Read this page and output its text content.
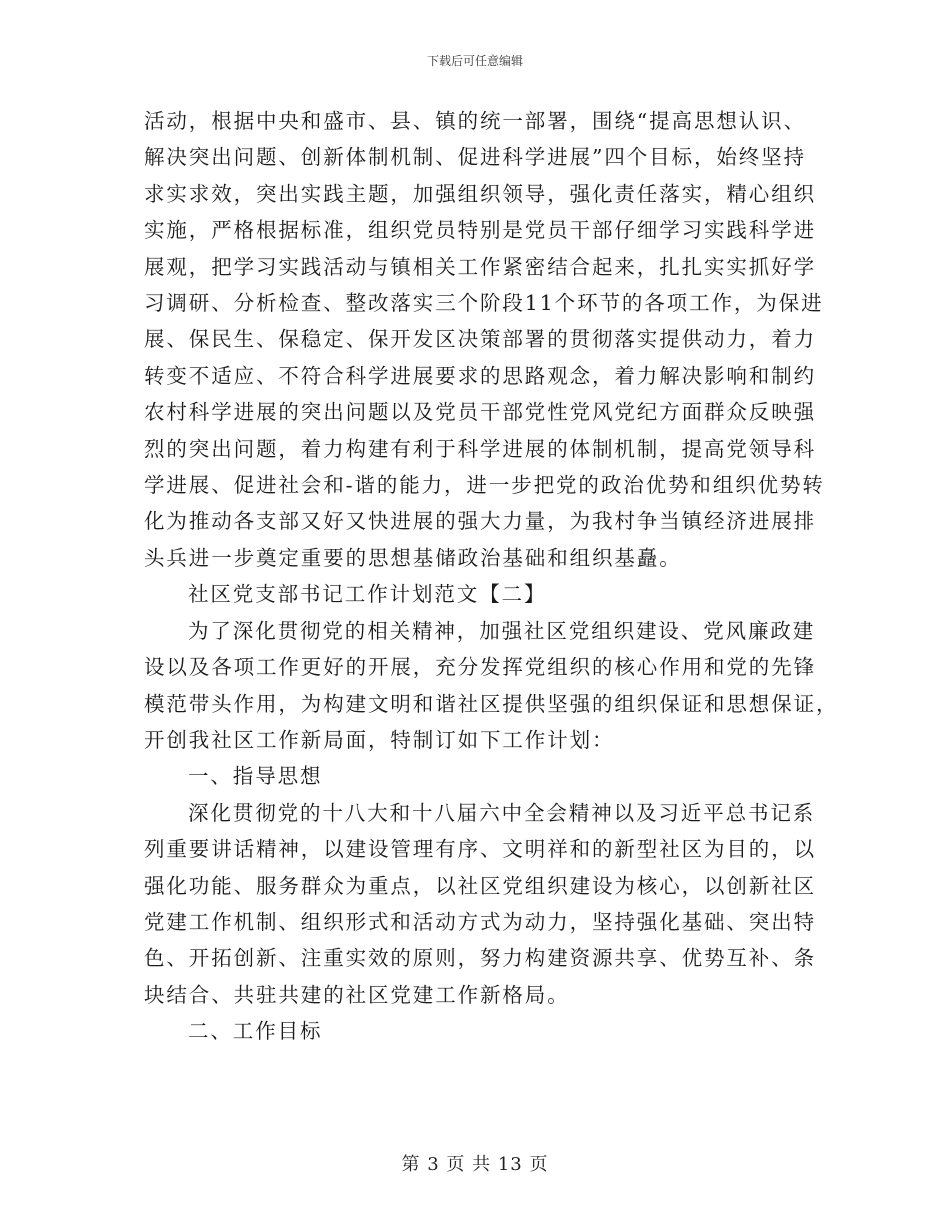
下载后可任意编辑

活动，根据中央和盛市、县、镇的统一部署，围绕“提高思想认识、
解决突出问题、创新体制机制、促进科学进展”四个目标，始终坚持
求实求效，突出实践主题，加强组织领导，强化责任落实，精心组织
实施，严格根据标准，组织党员特别是党员干部仔细学习实践科学进
展观，把学习实践活动与镇相关工作紧密结合起来，扎扎实实抓好学
习调研、分析检查、整改落实三个阶段11个环节的各项工作，为保进
展、保民生、保稳定、保开发区决策部署的贯彻落实提供动力，着力
转变不适应、不符合科学进展要求的思路观念，着力解决影响和制约
农村科学进展的突出问题以及党员干部党性党风党纪方面群众反映强
烈的突出问题，着力构建有利于科学进展的体制机制，提高党领导科
学进展、促进社会和-谐的能力，进一步把党的政治优势和组织优势转
化为推动各支部又好又快进展的强大力量，为我村争当镇经济进展排
头兵进一步奠定重要的思想基储政治基础和组织基矗。

社区党支部书记工作计划范文【二】

为了深化贯彻党的相关精神，加强社区党组织建设、党风廉政建
设以及各项工作更好的开展，充分发挥党组织的核心作用和党的先锋
模范带头作用，为构建文明和谐社区提供坚强的组织保证和思想保证，
开创我社区工作新局面，特制订如下工作计划：

一、指导思想

深化贯彻党的十八大和十八届六中全会精神以及习近平总书记系
列重要讲话精神，以建设管理有序、文明祥和的新型社区为目的，以
强化功能、服务群众为重点，以社区党组织建设为核心，以创新社区
党建工作机制、组织形式和活动方式为动力，坚持强化基础、突出特
色、开拓创新、注重实效的原则，努力构建资源共享、优势互补、条
块结合、共驻共建的社区党建工作新格局。

二、工作目标

第 3 页 共 13 页
